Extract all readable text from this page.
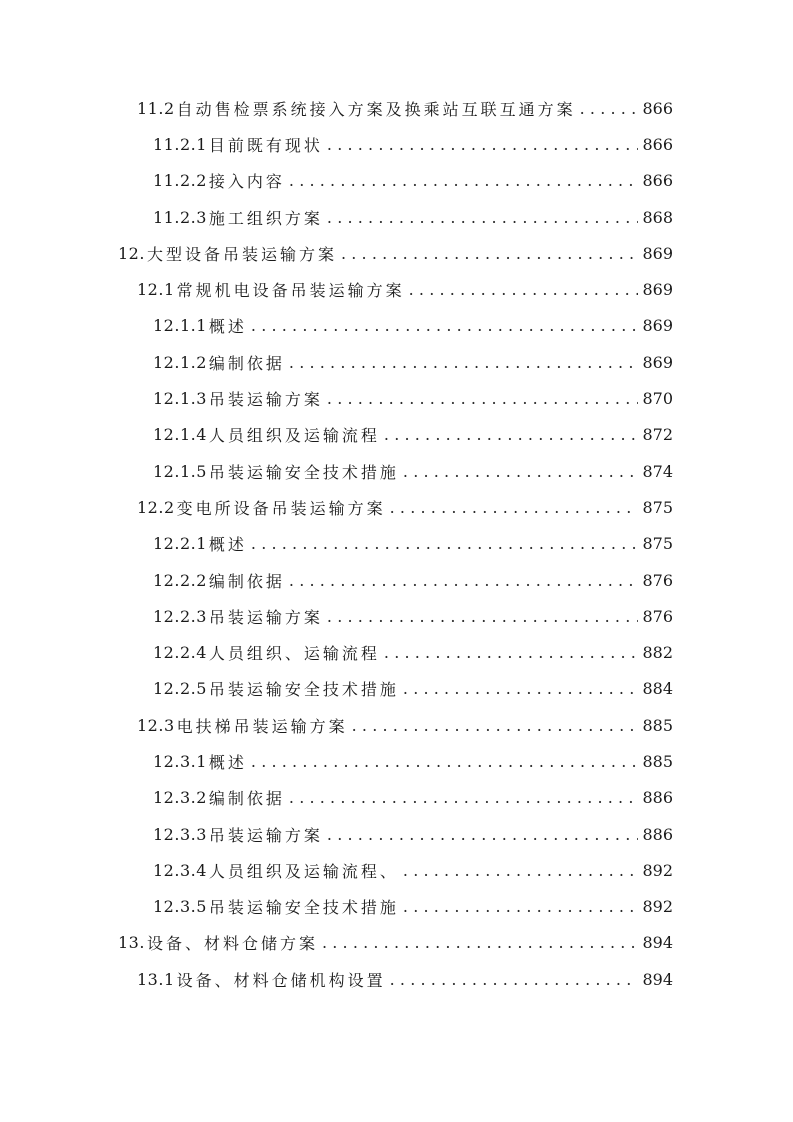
11.2 自动售检票系统接入方案及换乘站互联互通方案 .....	866
11.2.1 目前既有现状 .....	866
11.2.2 接入内容 .....	866
11.2.3 施工组织方案 .....	868
12. 大型设备吊装运输方案 .....	869
12.1 常规机电设备吊装运输方案 .....	869
12.1.1 概述 .....	869
12.1.2 编制依据 .....	869
12.1.3 吊装运输方案 .....	870
12.1.4 人员组织及运输流程 .....	872
12.1.5 吊装运输安全技术措施 .....	874
12.2 变电所设备吊装运输方案 .....	875
12.2.1 概述 .....	875
12.2.2 编制依据 .....	876
12.2.3 吊装运输方案 .....	876
12.2.4 人员组织、运输流程 .....	882
12.2.5 吊装运输安全技术措施 .....	884
12.3 电扶梯吊装运输方案 .....	885
12.3.1 概述 .....	885
12.3.2 编制依据 .....	886
12.3.3 吊装运输方案 .....	886
12.3.4 人员组织及运输流程、 .....	892
12.3.5 吊装运输安全技术措施 .....	892
13. 设备、材料仓储方案 .....	894
13.1 设备、材料仓储机构设置 .....	894
